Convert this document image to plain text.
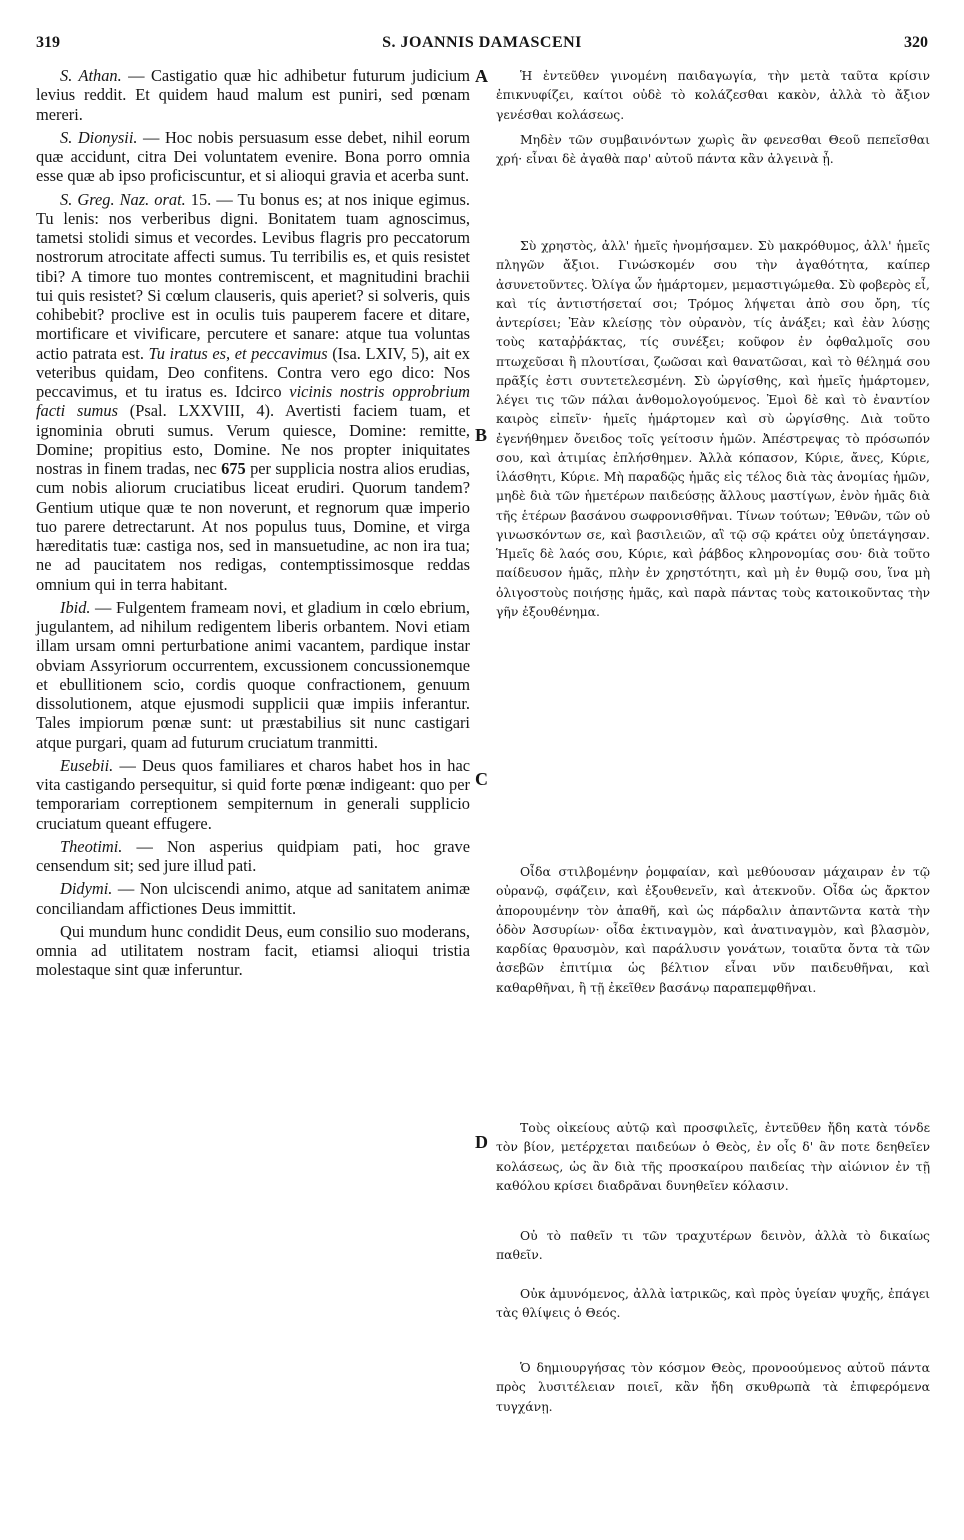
319	S. JOANNIS DAMASCENI	320
A
B
C
D

S. Athan. — Castigatio quæ hic adhibetur futurum judicium levius reddit. Et quidem haud malum est puniri, sed pœnam mereri.

S. Dionysii. — Hoc nobis persuasum esse debet, nihil eorum quæ accidunt, citra Dei voluntatem evenire. Bona porro omnia esse quæ ab ipso proficiscuntur, et si alioqui gravia et acerba sunt.

S. Greg. Naz. orat. 15. — Tu bonus es; at nos inique egimus. Tu lenis: nos verberibus digni. Bonitatem tuam agnoscimus, tametsi stolidi simus et vecordes. Levibus flagris pro peccatorum nostrorum atrocitate affecti sumus. Tu terribilis es, et quis resistet tibi? A timore tuo montes contremiscent, et magnitudini brachii tui quis resistet? Si cœlum clauseris, quis aperiet? si solveris, quis cohibebit? proclive est in oculis tuis pauperem facere et ditare, mortificare et vivificare, percutere et sanare: atque tua voluntas actio patrata est. Tu iratus es, et peccavimus (Isa. LXIV, 5), ait ex veteribus quidam, Deo confitens. Contra vero ego dico: Nos peccavimus, et tu iratus es. Idcirco vicinis nostris opprobrium facti sumus (Psal. LXXVIII, 4). Avertisti faciem tuam, et ignominia obruti sumus. Verum quiesce, Domine: remitte, Domine; propitius esto, Domine. Ne nos propter iniquitates nostras in finem tradas, nec 675 per supplicia nostra alios erudias, cum nobis aliorum cruciatibus liceat erudiri. Quorum tandem? Gentium utique quæ te non noverunt, et regnorum quæ imperio tuo parere detrectarunt. At nos populus tuus, Domine, et virga hæreditatis tuæ: castiga nos, sed in mansuetudine, ac non ira tua; ne ad paucitatem nos redigas, contemptissimosque reddas omnium qui in terra habitant.

Ibid. — Fulgentem frameam novi, et gladium in cœlo ebrium, jugulantem, ad nihilum redigentem liberis orbantem. Novi etiam illam ursam omni perturbatione animi vacantem, pardique instar obviam Assyriorum occurrentem, excussionem concussionemque et ebullitionem scio, cordis quoque confractionem, genuum dissolutionem, atque ejusmodi supplicii quæ impiis inferantur. Tales impiorum pœnæ sunt: ut præstabilius sit nunc castigari atque purgari, quam ad futurum cruciatum tranmitti.

Eusebii. — Deus quos familiares et charos habet hos in hac vita castigando persequitur, si quid forte pœnæ indigeant: quo per temporariam correptionem sempiternum in generali supplicio cruciatum queant effugere.

Theotimi. — Non asperius quidpiam pati, hoc grave censendum sit; sed jure illud pati.

Didymi. — Non ulciscendi animo, atque ad sanitatem animæ conciliandam affictiones Deus immittit.

Qui mundum hunc condidit Deus, eum consilio suo moderans, omnia ad utilitatem nostram facit, etiamsi alioqui tristia molestaque sint quæ inferuntur.

Ἡ ἐντεῦθεν γινομένη παιδαγωγία, τὴν μετὰ ταῦτα κρίσιν ἐπικνυφίζει, καίτοι οὐδὲ τὸ κολάζεσθαι κακὸν, ἀλλὰ τὸ ἄξιον γενέσθαι κολάσεως.

Μηδὲν τῶν συμβαινόντων χωρὶς ἂν φενεσθαι Θεοῦ πεπεῖσθαι χρή· εἶναι δὲ ἀγαθὰ παρ' αὐτοῦ πάντα κἂν ἀλγεινὰ ᾖ.

Σὺ χρηστὸς, ἀλλ' ἡμεῖς ἠνομήσαμεν. Σὺ μακρόθυμος, ἀλλ' ἡμεῖς πληγῶν ἄξιοι. Γινώσκομέν σου τὴν ἀγαθότητα, καίπερ ἀσυνετοῦντες. Ὀλίγα ὧν ἡμάρτομεν, μεμαστιγώμεθα. Σὺ φοβερὸς εἶ, καὶ τίς ἀντιστήσεταί σοι; Τρόμος λήψεται ἀπὸ σου ὄρη, τίς ἀντερίσει; Ἐὰν κλείσῃς τὸν οὐρανὸν, τίς ἀνάξει; καὶ ἐὰν λύσῃς τοὺς καταῤῥάκτας, τίς συνέξει; κοῦφον ἐν ὀφθαλμοῖς σου πτωχεῦσαι ἢ πλουτίσαι, ζωῶσαι καὶ θανατῶσαι, καὶ τὸ θέλημά σου πρᾶξίς ἐστι συντετελεσμένη. Σὺ ὠργίσθης, καὶ ἡμεῖς ἡμάρτομεν, λέγει τις τῶν πάλαι ἀνθομολογούμενος. Ἐμοὶ δὲ καὶ τὸ ἐναντίον καιρὸς εἰπεῖν· ἡμεῖς ἡμάρτομεν καὶ σὺ ὠργίσθης. Διὰ τοῦτο ἐγενήθημεν ὄνειδος τοῖς γείτοσιν ἡμῶν. Ἀπέστρεψας τὸ πρόσωπόν σου, καὶ ἀτιμίας ἐπλήσθημεν. Ἀλλὰ κόπασον, Κύριε, ἄνες, Κύριε, ἱλάσθητι, Κύριε. Μὴ παραδῷς ἡμᾶς εἰς τέλος διὰ τὰς ἀνομίας ἡμῶν, μηδὲ διὰ τῶν ἡμετέρων παιδεύσῃς ἄλλους μαστίγων, ἐνὸν ἡμᾶς διὰ τῆς ἑτέρων βασάνου σωφρονισθῆναι. Τίνων τούτων; Ἐθνῶν, τῶν οὐ γινωσκόντων σε, καὶ βασιλειῶν, αἳ τῷ σῷ κράτει οὐχ ὑπετάγησαν. Ἡμεῖς δὲ λαός σου, Κύριε, καὶ ῥάβδος κληρονομίας σου· διὰ τοῦτο παίδευσον ἡμᾶς, πλὴν ἐν χρηστότητι, καὶ μὴ ἐν θυμῷ σου, ἵνα μὴ ὀλιγοστοὺς ποιήσῃς ἡμᾶς, καὶ παρὰ πάντας τοὺς κατοικοῦντας τὴν γῆν ἐξουθένημα.

Οἶδα στιλβομένην ῥομφαίαν, καὶ μεθύουσαν μάχαιραν ἐν τῷ οὐρανῷ, σφάζειν, καὶ ἐξουθενεῖν, καὶ ἀτεκνοῦν. Οἶδα ὡς ἄρκτον ἀπορουμένην τὸν ἀπαθῆ, καὶ ὡς πάρδαλιν ἀπαντῶντα κατὰ τὴν ὁδὸν Ἀσσυρίων· οἶδα ἐκτιναγμὸν, καὶ ἀνατιναγμὸν, καὶ βλασμὸν, καρδίας θραυσμὸν, καὶ παράλυσιν γονάτων, τοιαῦτα ὄντα τὰ τῶν ἀσεβῶν ἐπιτίμια ὡς βέλτιον εἶναι νῦν παιδευθῆναι, καὶ καθαρθῆναι, ἢ τῇ ἐκεῖθεν βασάνῳ παραπεμφθῆναι.

Τοὺς οἰκείους αὐτῷ καὶ προσφιλεῖς, ἐντεῦθεν ἤδη κατὰ τόνδε τὸν βίον, μετέρχεται παιδεύων ὁ Θεὸς, ἐν οἷς δ' ἂν ποτε δεηθεῖεν κολάσεως, ὡς ἂν διὰ τῆς προσκαίρου παιδείας τὴν αἰώνιον ἐν τῇ καθόλου κρίσει διαδρᾶναι δυνηθεῖεν κόλασιν.

Οὐ τὸ παθεῖν τι τῶν τραχυτέρων δεινὸν, ἀλλὰ τὸ δικαίως παθεῖν.

Οὐκ ἀμυνόμενος, ἀλλὰ ἰατρικῶς, καὶ πρὸς ὑγείαν ψυχῆς, ἐπάγει τὰς θλίψεις ὁ Θεός.

Ὁ δημιουργήσας τὸν κόσμον Θεὸς, προνοούμενος αὐτοῦ πάντα πρὸς λυσιτέλειαν ποιεῖ, κἂν ἤδη σκυθρωπὰ τὰ ἐπιφερόμενα τυγχάνῃ.
